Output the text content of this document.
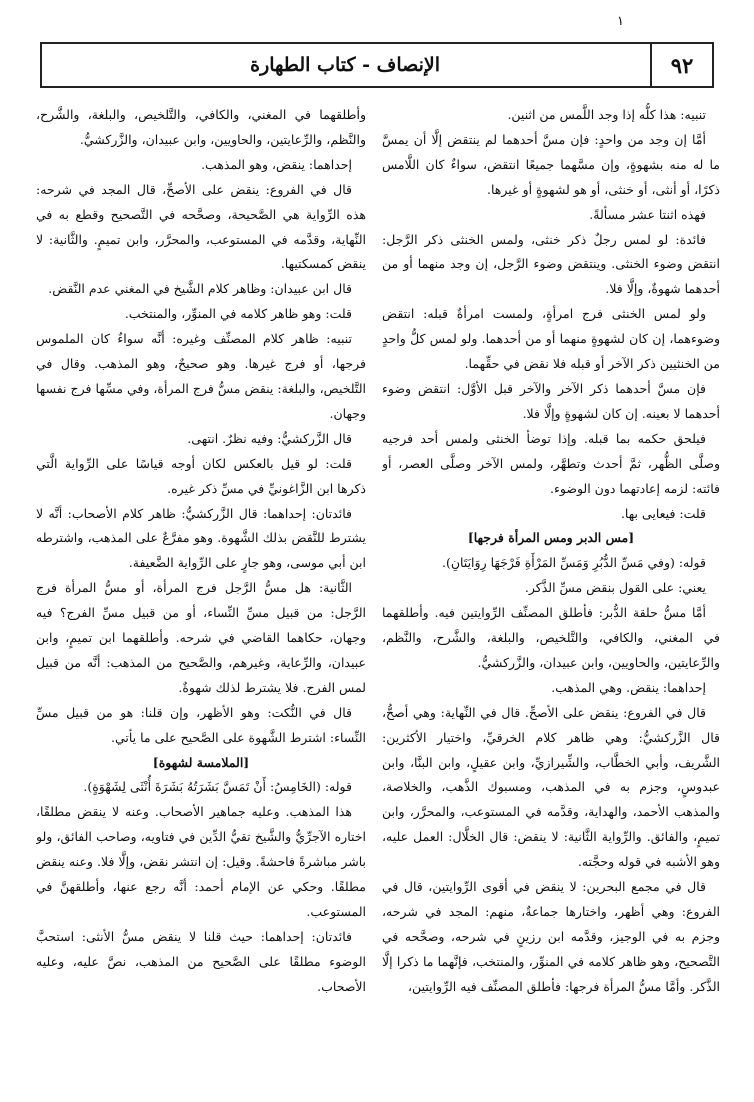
١
٩٢
الإنصاف - كتاب الطهارة

تنبيه: هذا كلُّه إذا وجد اللَّمس من اثنين.

أمَّا إن وجد من واحدٍ: فإن مسَّ أحدهما لم ينتقض إلَّا أن يمسَّ ما له منه بشهوةٍ، وإن مسَّهما جميعًا انتقض، سواءٌ كان اللَّامس ذكرًا، أو أنثى، أو خنثى، أو هو لشهوةٍ أو غيرها.

فهذه اثنتا عشر مسألةً.

فائدة: لو لمس رجلٌ ذكر خنثى، ولمس الخنثى ذكر الرَّجل: انتقض وضوء الخنثى. وينتقض وضوء الرَّجل، إن وجد منهما أو من أحدهما شهوةٌ، وإلَّا فلا.

ولو لمس الخنثى فرج امرأةٍ، ولمست امرأةٌ قبله: انتقض وضوءهما، إن كان لشهوةٍ منهما أو من أحدهما. ولو لمس كلُّ واحدٍ من الخنثيين ذكر الآخر أو قبله فلا نقض في حقِّهما.

فإن مسَّ أحدهما ذكر الآخر والآخر قبل الأوَّل: انتقض وضوء أحدهما لا بعينه. إن كان لشهوةٍ وإلَّا فلا.

فيلحق حكمه بما قبله. وإذا توضأ الخنثى ولمس أحد فرجيه وصلَّى الظُّهر، ثمَّ أحدث وتطهَّر، ولمس الآخر وصلَّى العصر، أو فائته: لزمه إعادتهما دون الوضوء.

قلت: فيعايى بها.

[مس الدبر ومس المرأة فرجها]

قوله: (وفي مَسِّ الدُّبُرِ وَمَسِّ المَرْأَةِ فَرْجَهَا رِوَايَتَانِ).

يعني: على القول بنقض مسِّ الذَّكر.

أمَّا مسُّ حلقة الدُّبر: فأطلق المصنِّف الرِّوايتين فيه. وأطلقهما في المغني، والكافي، والتَّلخيص، والبلغة، والشَّرح، والنَّظم، والرِّعايتين، والحاويين، وابن عبيدان، والزَّركشيُّ.

إحداهما: ينقض. وهي المذهب.

قال في الفروع: ينقض على الأصحِّ. قال في النِّهاية: وهي أصحُّ، قال الزَّركشيُّ: وهي ظاهر كلام الخرقيِّ، واختيار الأكثرين: الشَّريف، وأبي الخطَّاب، والشِّيرازيِّ، وابن عقيلٍ، وابن البنَّا، وابن عبدوسٍ، وجزم به في المذهب، ومسبوك الذَّهب، والخلاصة، والمذهب الأحمد، والهداية، وقدَّمه في المستوعب، والمحرَّر، وابن تميمٍ، والفائق. والرِّواية الثَّانية: لا ينقض: قال الخلَّال: العمل عليه، وهو الأشبه في قوله وحجَّته.

قال في مجمع البحرين: لا ينقض في أقوى الرِّوايتين، قال في الفروع: وهي أظهر، واختارها جماعةٌ، منهم: المجد في شرحه، وجزم به في الوجيز، وقدَّمه ابن رزينٍ في شرحه، وصحَّحه في التَّصحيح، وهو ظاهر كلامه في المنوِّر، والمنتخب، فإنَّهما ما ذكرا إلَّا الذَّكر. وأمَّا مسُّ المرأة فرجها: فأطلق المصنِّف فيه الرِّوايتين،

وأطلقهما في المغني، والكافي، والتَّلخيص، والبلغة، والشَّرح، والنَّظم، والرِّعايتين، والحاويين، وابن عبيدان، والزَّركشيُّ.

إحداهما: ينقض، وهو المذهب.

قال في الفروع: ينقض على الأصحِّ، قال المجد في شرحه: هذه الرِّواية هي الصَّحيحة، وصحَّحه في التَّصحيح وقطع به في النِّهاية، وقدَّمه في المستوعب، والمحرَّر، وابن تميمٍ. والثَّانية: لا ينقض كمسكتيها.

قال ابن عبيدان: وظاهر كلام الشَّيخ في المغني عدم النَّقض.

قلت: وهو ظاهر كلامه في المنوِّر، والمنتخب.

تنبيه: ظاهر كلام المصنِّف وغيره: أنَّه سواءٌ كان الملموس فرجها، أو فرج غيرها. وهو صحيحٌ، وهو المذهب. وقال في التَّلخيص، والبلغة: ينقض مسُّ فرج المرأة، وفي مسِّها فرج نفسها وجهان.

قال الزَّركشيُّ: وفيه نظرٌ. انتهى.

قلت: لو قيل بالعكس لكان أوجه قياسًا على الرِّواية الَّتي ذكرها ابن الزَّاغونيِّ في مسِّ ذكر غيره.

فائدتان: إحداهما: قال الزَّركشيُّ: ظاهر كلام الأصحاب: أنَّه لا يشترط للنَّقض بذلك الشَّهوة. وهو مفرَّعٌ على المذهب، واشترطه ابن أبي موسى، وهو جارٍ على الرِّواية الضَّعيفة.

الثَّانية: هل مسُّ الرَّجل فرج المرأة، أو مسُّ المرأة فرج الرَّجل: من قبيل مسِّ النِّساء، أو من قبيل مسِّ الفرج؟ فيه وجهان، حكاهما القاضي في شرحه. وأطلقهما ابن تميمٍ، وابن عبيدان، والرِّعاية، وغيرهم، والصَّحيح من المذهب: أنَّه من قبيل لمس الفرج. فلا يشترط لذلك شهوةٌ.

قال في النُّكت: وهو الأظهر، وإن قلنا: هو من قبيل مسِّ النِّساء: اشترط الشَّهوة على الصَّحيح على ما يأتي.

[الملامسة لشهوة]

قوله: (الخَامِسُ: أَنْ تَمَسَّ بَشَرَتُهُ بَشَرَةَ أُنْثَى لِشَهْوَةٍ).

هذا المذهب. وعليه جماهير الأصحاب. وعنه لا ينقض مطلقًا، اختاره الآجرِّيُّ والشَّيخ تقيُّ الدِّين في فتاويه، وصاحب الفائق، ولو باشر مباشرةً فاحشةً. وقيل: إن انتشر نقض، وإلَّا فلا. وعنه ينقض مطلقًا. وحكي عن الإمام أحمد: أنَّه رجع عنها، وأطلقهنَّ في المستوعب.

فائدتان: إحداهما: حيث قلنا لا ينقض مسُّ الأنثى: استحبَّ الوضوء مطلقًا على الصَّحيح من المذهب، نصَّ عليه، وعليه الأصحاب.
